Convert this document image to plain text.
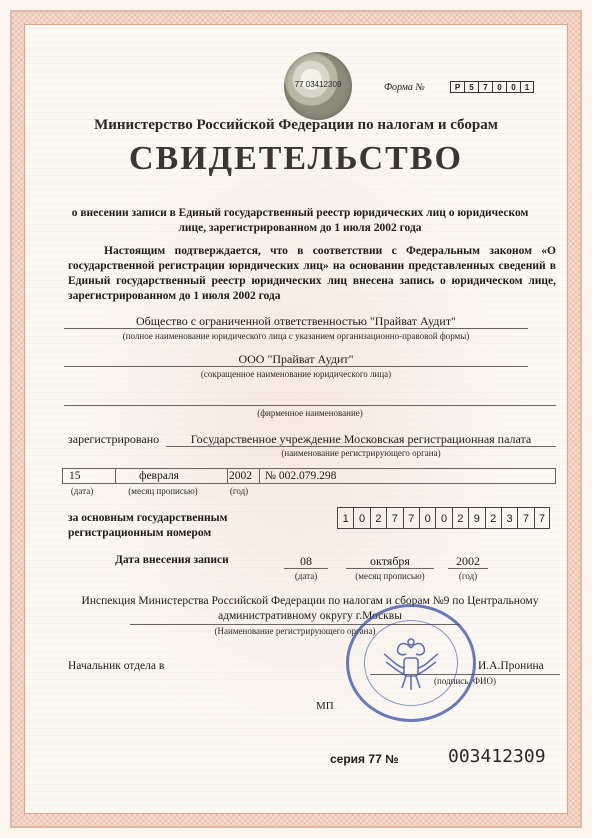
77 03412309	Форма №	Р	5	7	0	0	1
Министерство Российской Федерации по налогам и сборам
СВИДЕТЕЛЬСТВО
о внесении записи в Единый государственный реестр юридических лиц о юридическом лице, зарегистрированном до 1 июля 2002 года
Настоящим подтверждается, что в соответствии с Федеральным законом «О государственной регистрации юридических лиц» на основании представленных сведений в Единый государственный реестр юридических лиц внесена запись о юридическом лице, зарегистрированном до 1 июля 2002 года
Общество с ограниченной ответственностью "Прайват Аудит"
(полное наименование юридического лица с указанием организационно-правовой формы)
ООО "Прайват Аудит"
(сокращенное наименование юридического лица)
(фирменное наименование)
зарегистрировано	Государственное учреждение Московская регистрационная палата
(наименование регистрирующего органа)
15	февраля	2002 № 002.079.298
(дата)	(месяц прописью)	(год)
за основным государственным
регистрационным номером
1 0 2 7 7 0 0 2 9 2 3 7 7
Дата внесения записи	08
(дата)
октября
(месяц прописью)
2002
(год)
Инспекция Министерства Российской Федерации по налогам и сборам №9 по Центральному
административному округу г.Москвы
(Наименование регистрирующего органа)
Начальник отдела в	И.А.Пронина
(подпись, ФИО)
МП
серия 77 №	003412309
